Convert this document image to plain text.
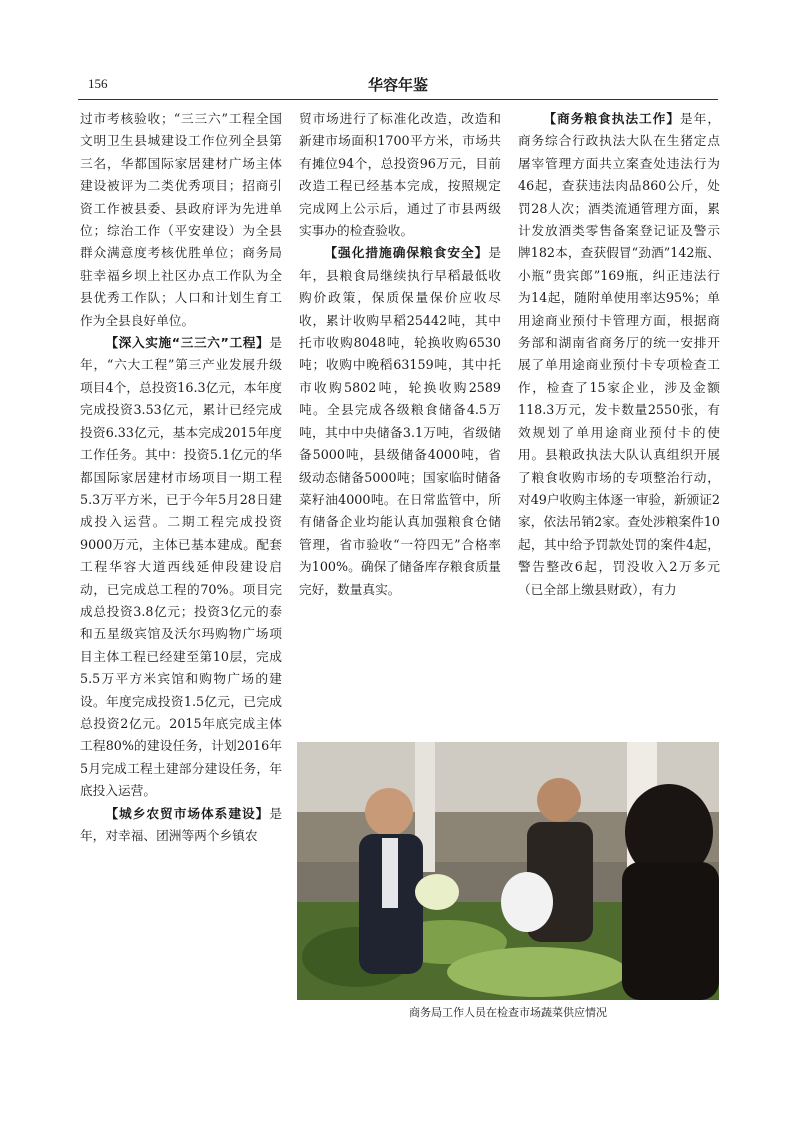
156	华容年鉴

过市考核验收；“三三六”工程全国文明卫生县城建设工作位列全县第三名，华都国际家居建材广场主体建设被评为二类优秀项目；招商引资工作被县委、县政府评为先进单位；综治工作（平安建设）为全县群众满意度考核优胜单位；商务局驻幸福乡坝上社区办点工作队为全县优秀工作队；人口和计划生育工作为全县良好单位。

【深入实施“三三六”工程】是年，“六大工程”第三产业发展升级项目4个，总投资16.3亿元，本年度完成投资3.53亿元，累计已经完成投资6.33亿元，基本完成2015年度工作任务。其中：投资5.1亿元的华都国际家居建材市场项目一期工程5.3万平方米，已于今年5月28日建成投入运营。二期工程完成投资9000万元，主体已基本建成。配套工程华容大道西线延伸段建设启动，已完成总工程的70%。项目完成总投资3.8亿元；投资3亿元的泰和五星级宾馆及沃尔玛购物广场项目主体工程已经建至第10层，完成5.5万平方米宾馆和购物广场的建设。年度完成投资1.5亿元，已完成总投资2亿元。2015年底完成主体工程80%的建设任务，计划2016年5月完成工程土建部分建设任务，年底投入运营。

【城乡农贸市场体系建设】是年，对幸福、团洲等两个乡镇农

贸市场进行了标准化改造，改造和新建市场面积1700平方米，市场共有摊位94个，总投资96万元，目前改造工程已经基本完成，按照规定完成网上公示后，通过了市县两级实事办的检查验收。

【强化措施确保粮食安全】是年，县粮食局继续执行早稻最低收购价政策，保质保量保价应收尽收，累计收购早稻25442吨，其中托市收购8048吨，轮换收购6530吨；收购中晚稻63159吨，其中托市收购5802吨，轮换收购2589吨。全县完成各级粮食储备4.5万吨，其中中央储备3.1万吨，省级储备5000吨，县级储备4000吨，省级动态储备5000吨；国家临时储备菜籽油4000吨。在日常监管中，所有储备企业均能认真加强粮食仓储管理，省市验收“一符四无”合格率为100%。确保了储备库存粮食质量完好，数量真实。

【商务粮食执法工作】是年，商务综合行政执法大队在生猪定点屠宰管理方面共立案查处违法行为46起，查获违法肉品860公斤，处罚28人次；酒类流通管理方面，累计发放酒类零售备案登记证及警示牌182本，查获假冒“劲酒”142瓶、小瓶“贵宾郎”169瓶，纠正违法行为14起，随附单使用率达95%；单用途商业预付卡管理方面，根据商务部和湖南省商务厅的统一安排开展了单用途商业预付卡专项检查工作，检查了15家企业，涉及金额118.3万元，发卡数量2550张，有效规划了单用途商业预付卡的使用。县粮政执法大队认真组织开展了粮食收购市场的专项整治行动，对49户收购主体逐一审验，新颁证2家，依法吊销2家。查处涉粮案件10起，其中给予罚款处罚的案件4起，警告整改6起，罚没收入2万多元（已全部上缴县财政），有力

商务局工作人员在检查市场蔬菜供应情况
